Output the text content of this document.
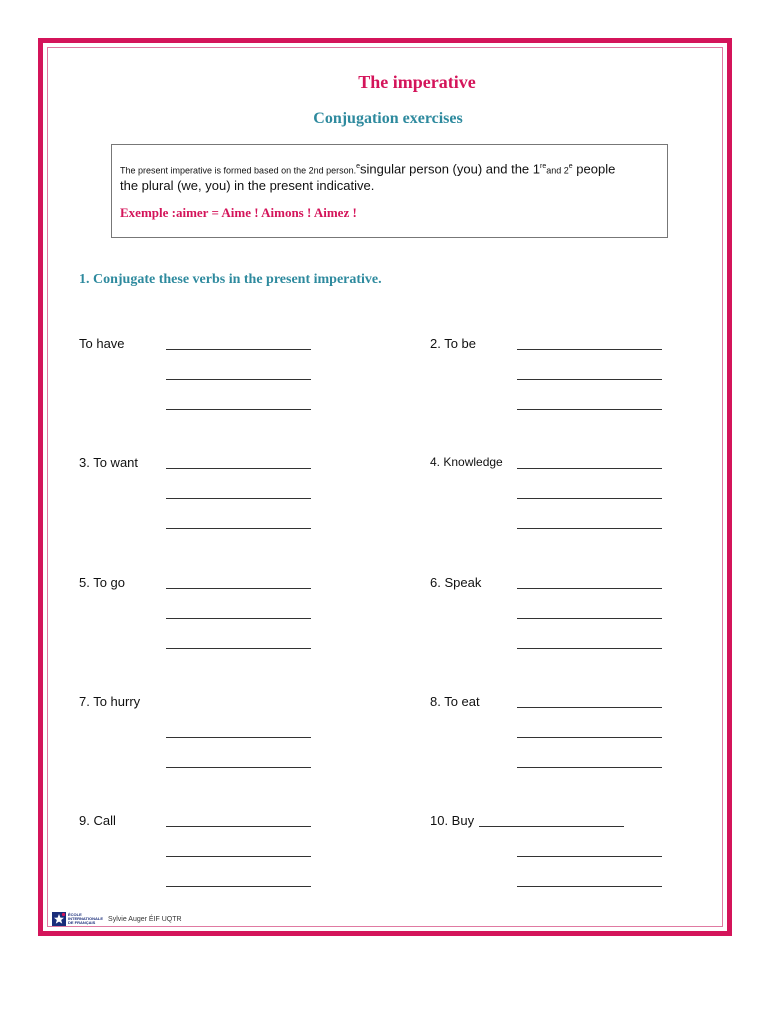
The imperative
Conjugation exercises
The present imperative is formed based on the 2nd person.$^e$singular person (you) and the 1reand 2e people
the plural (we, you) in the present indicative.
Exemple :aimer = Aime ! Aimons ! Aimez !
1. Conjugate these verbs in the present imperative.
To have	2. To be
3. To want	4. Knowledge
5. To go	6. Speak
7. To hurry	8. To eat
9. Call	10. Buy
ÉCOLE
INTERNATIONALE
DE FRANÇAIS	Sylvie Auger ÉIF UQTR
